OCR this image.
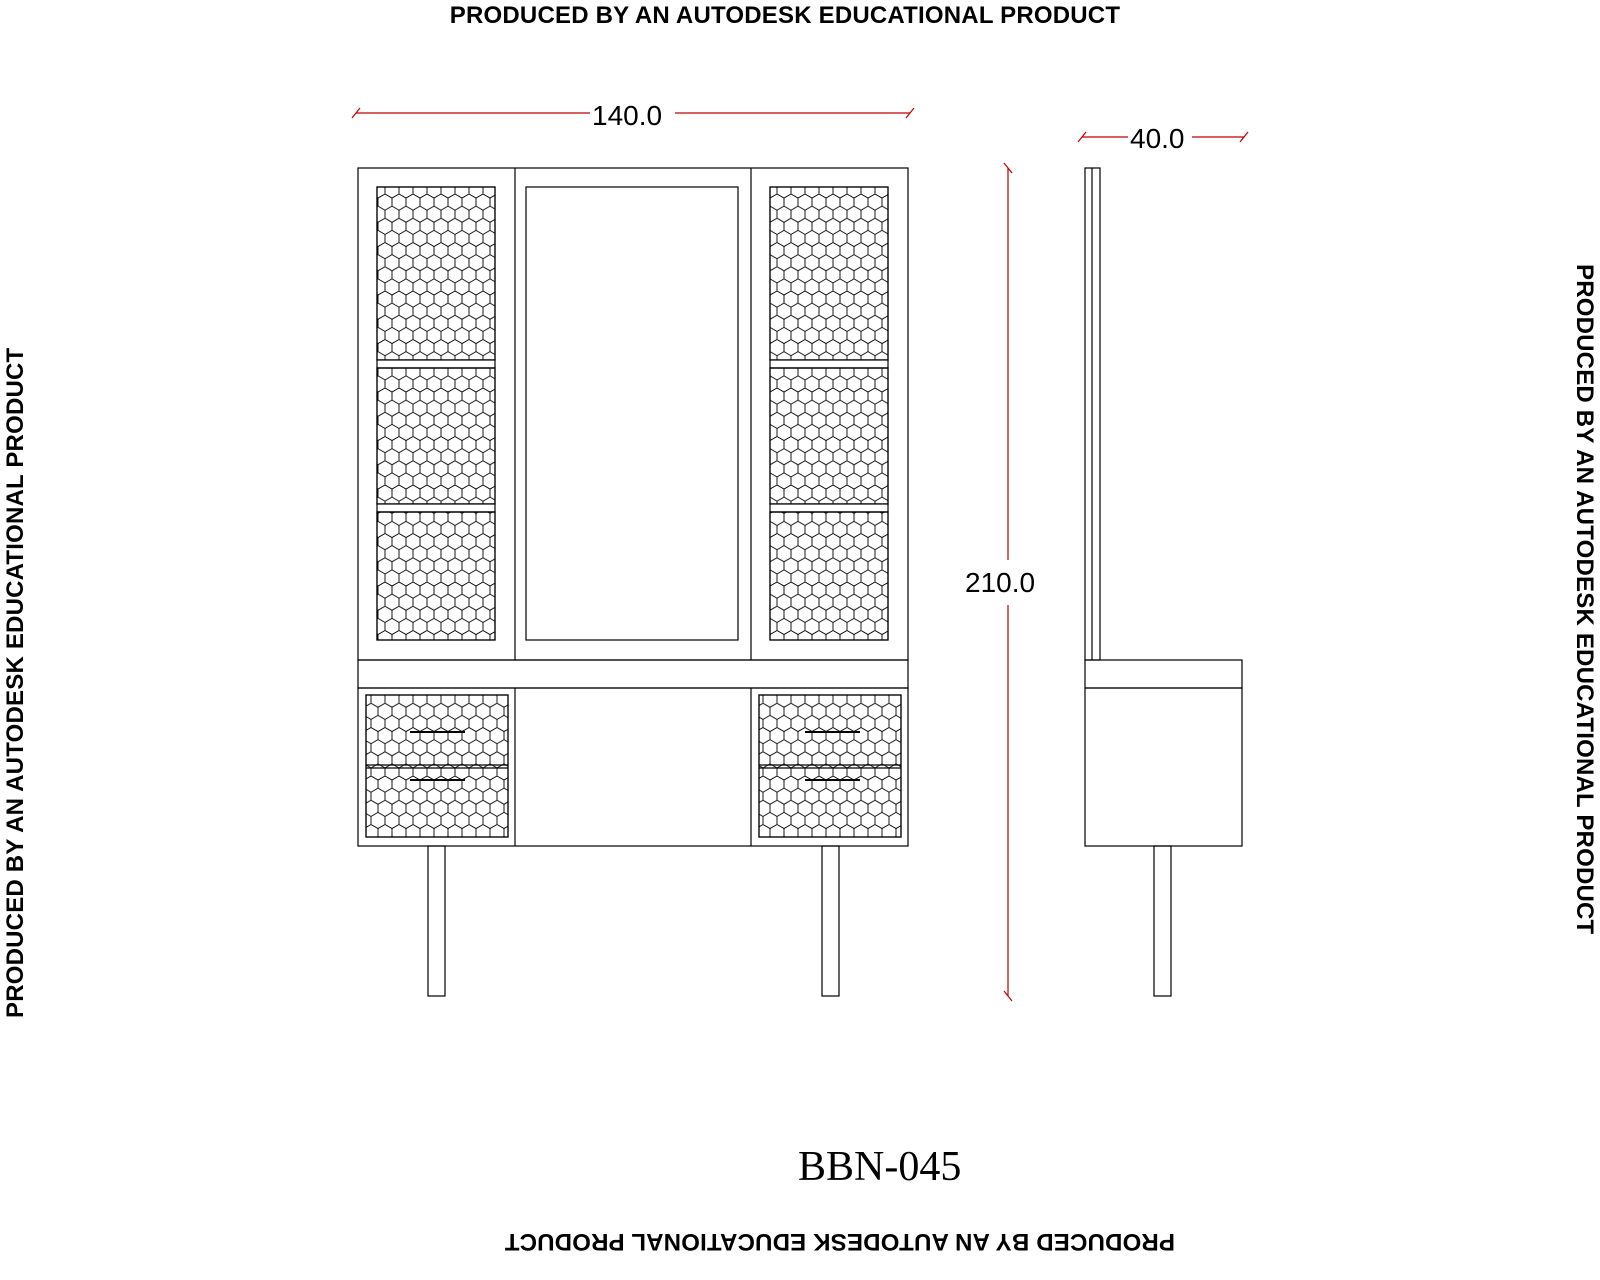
PRODUCED BY AN AUTODESK EDUCATIONAL PRODUCT
PRODUCED BY AN AUTODESK EDUCATIONAL PRODUCT
PRODUCED BY AN AUTODESK EDUCATIONAL PRODUCT	PRODUCED BY AN AUTODESK EDUCATIONAL PRODUCT
140.0
40.0
210.0
BBN-045
